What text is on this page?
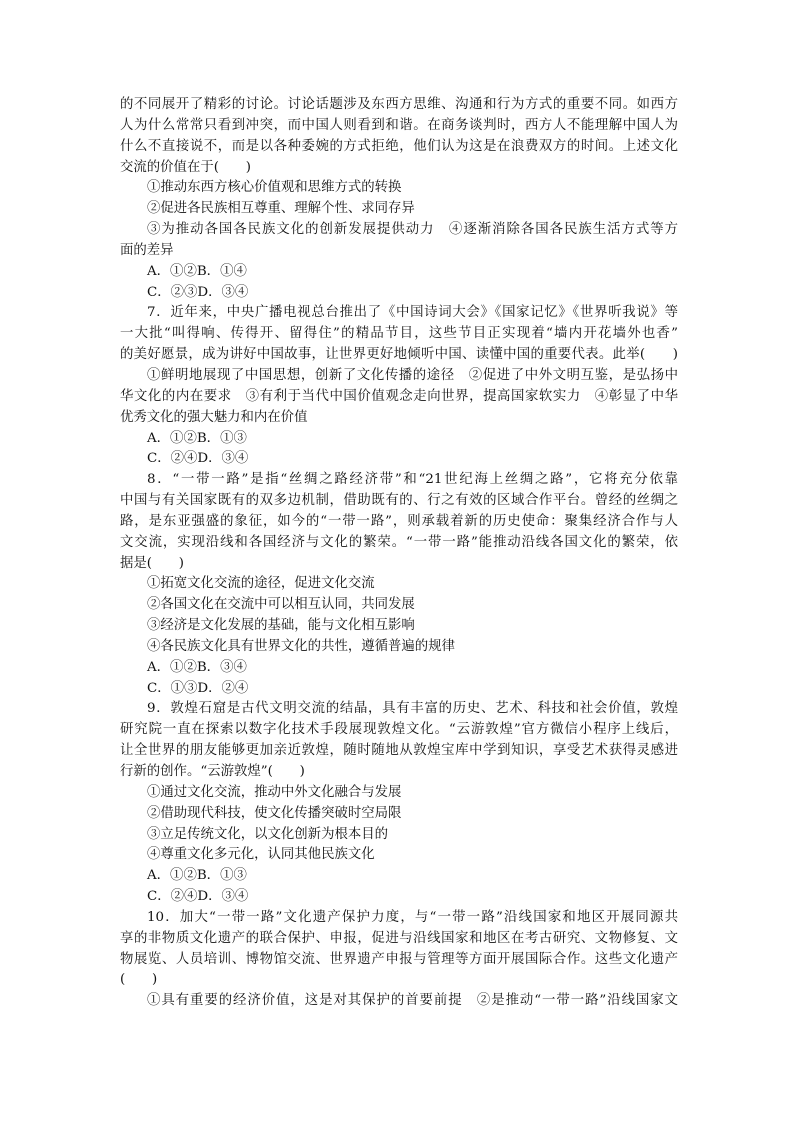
的不同展开了精彩的讨论。讨论话题涉及东西方思维、沟通和行为方式的重要不同。如西方
人为什么常常只看到冲突，而中国人则看到和谐。在商务谈判时，西方人不能理解中国人为
什么不直接说不，而是以各种委婉的方式拒绝，他们认为这是在浪费双方的时间。上述文化
交流的价值在于(　　)
①推动东西方核心价值观和思维方式的转换
②促进各民族相互尊重、理解个性、求同存异
③为推动各国各民族文化的创新发展提供动力　④逐渐消除各国各民族生活方式等方
面的差异
A．①②B．①④
C．②③D．③④
7．近年来，中央广播电视总台推出了《中国诗词大会》《国家记忆》《世界听我说》等
一大批“叫得响、传得开、留得住”的精品节目，这些节目正实现着“墙内开花墙外也香”
的美好愿景，成为讲好中国故事，让世界更好地倾听中国、读懂中国的重要代表。此举(　　)
①鲜明地展现了中国思想，创新了文化传播的途径　②促进了中外文明互鉴，是弘扬中
华文化的内在要求　③有利于当代中国价值观念走向世界，提高国家软实力　④彰显了中华
优秀文化的强大魅力和内在价值
A．①②B．①③
C．②④D．③④
8．“一带一路”是指“丝绸之路经济带”和“21世纪海上丝绸之路”，它将充分依靠
中国与有关国家既有的双多边机制，借助既有的、行之有效的区域合作平台。曾经的丝绸之
路，是东亚强盛的象征，如今的“一带一路”，则承载着新的历史使命：聚集经济合作与人
文交流，实现沿线和各国经济与文化的繁荣。“一带一路”能推动沿线各国文化的繁荣，依
据是(　　)
①拓宽文化交流的途径，促进文化交流
②各国文化在交流中可以相互认同，共同发展
③经济是文化发展的基础，能与文化相互影响
④各民族文化具有世界文化的共性，遵循普遍的规律
A．①②B．③④
C．①③D．②④
9．敦煌石窟是古代文明交流的结晶，具有丰富的历史、艺术、科技和社会价值，敦煌
研究院一直在探索以数字化技术手段展现敦煌文化。“云游敦煌”官方微信小程序上线后，
让全世界的朋友能够更加亲近敦煌，随时随地从敦煌宝库中学到知识，享受艺术获得灵感进
行新的创作。“云游敦煌”(　　)
①通过文化交流，推动中外文化融合与发展
②借助现代科技，使文化传播突破时空局限
③立足传统文化，以文化创新为根本目的
④尊重文化多元化，认同其他民族文化
A．①②B．①③
C．②④D．③④
10．加大“一带一路”文化遗产保护力度，与“一带一路”沿线国家和地区开展同源共
享的非物质文化遗产的联合保护、申报，促进与沿线国家和地区在考古研究、文物修复、文
物展览、人员培训、博物馆交流、世界遗产申报与管理等方面开展国际合作。这些文化遗产
(　　)
①具有重要的经济价值，这是对其保护的首要前提　②是推动“一带一路”沿线国家文
